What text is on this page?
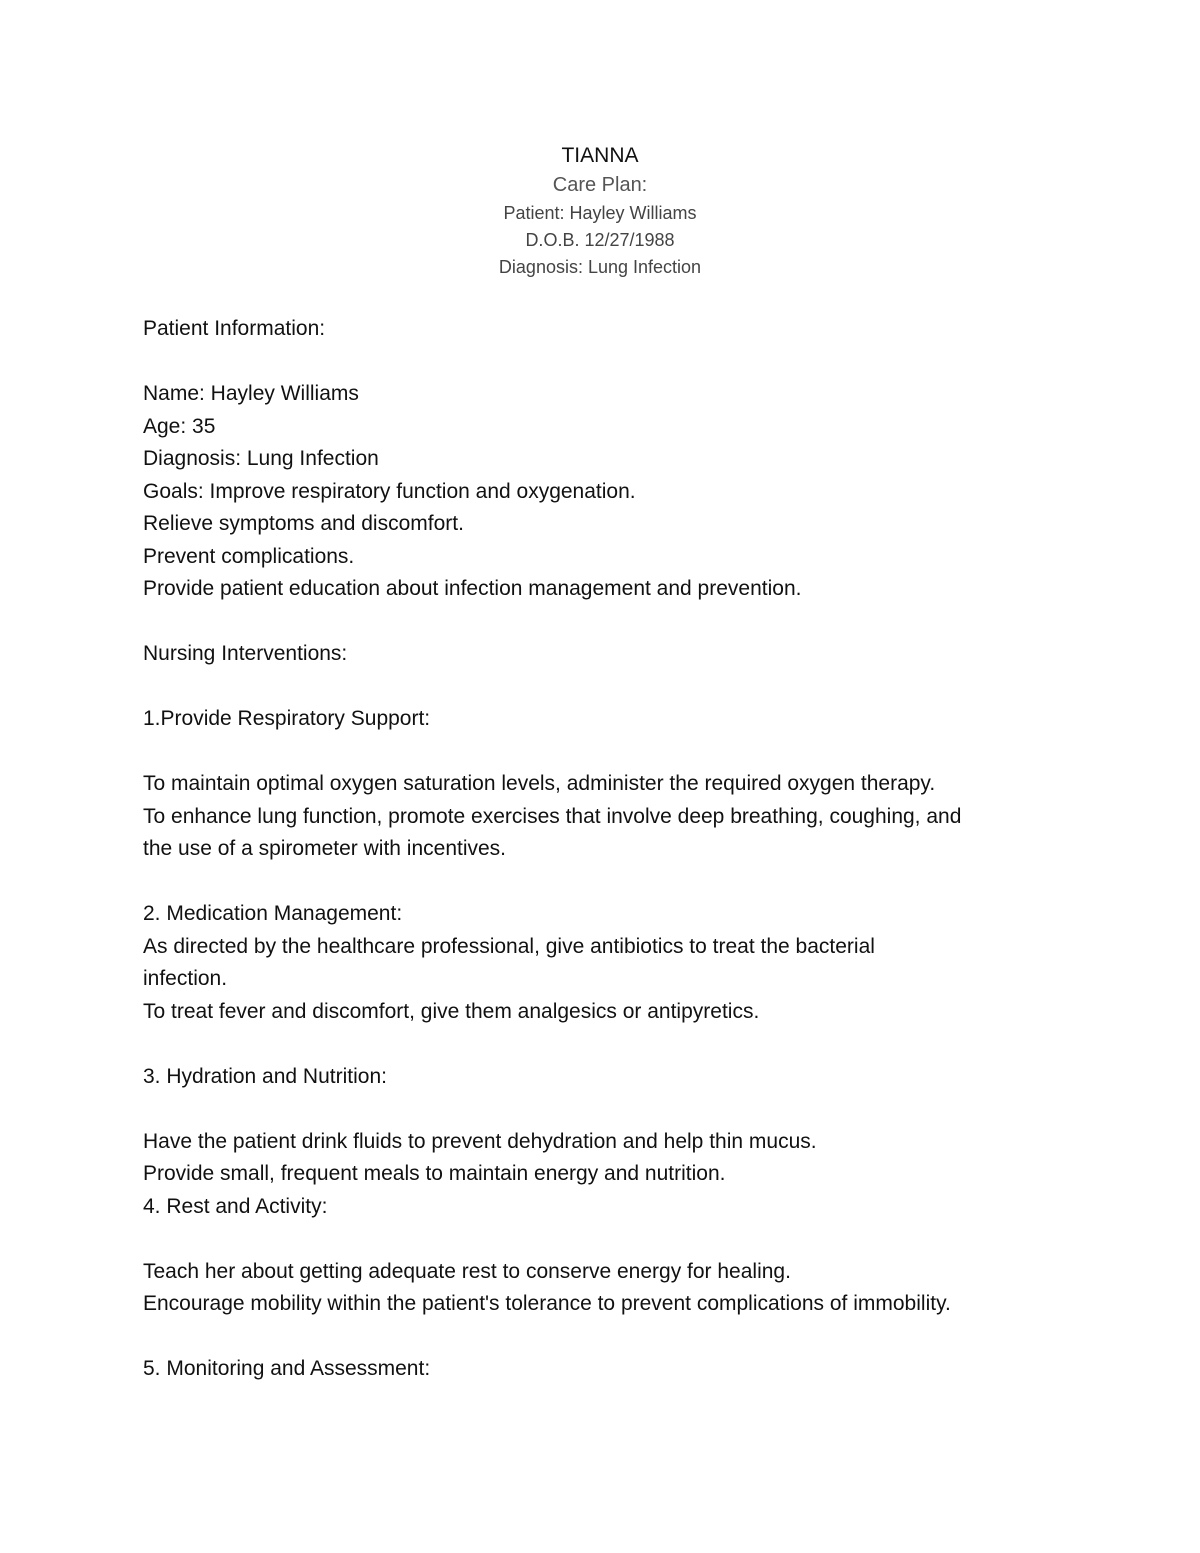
TIANNA
Care Plan:
Patient: Hayley Williams
D.O.B. 12/27/1988
Diagnosis: Lung Infection
Patient Information:
Name: Hayley Williams
Age: 35
Diagnosis: Lung Infection
Goals: Improve respiratory function and oxygenation.
Relieve symptoms and discomfort.
Prevent complications.
Provide patient education about infection management and prevention.
Nursing Interventions:
1.Provide Respiratory Support:
To maintain optimal oxygen saturation levels, administer the required oxygen therapy.
To enhance lung function, promote exercises that involve deep breathing, coughing, and
the use of a spirometer with incentives.
2. Medication Management:
As directed by the healthcare professional, give antibiotics to treat the bacterial
infection.
To treat fever and discomfort, give them analgesics or antipyretics.
3. Hydration and Nutrition:
Have the patient drink fluids to prevent dehydration and help thin mucus.
Provide small, frequent meals to maintain energy and nutrition.
4. Rest and Activity:
Teach her about getting adequate rest to conserve energy for healing.
Encourage mobility within the patient's tolerance to prevent complications of immobility.
5. Monitoring and Assessment:
